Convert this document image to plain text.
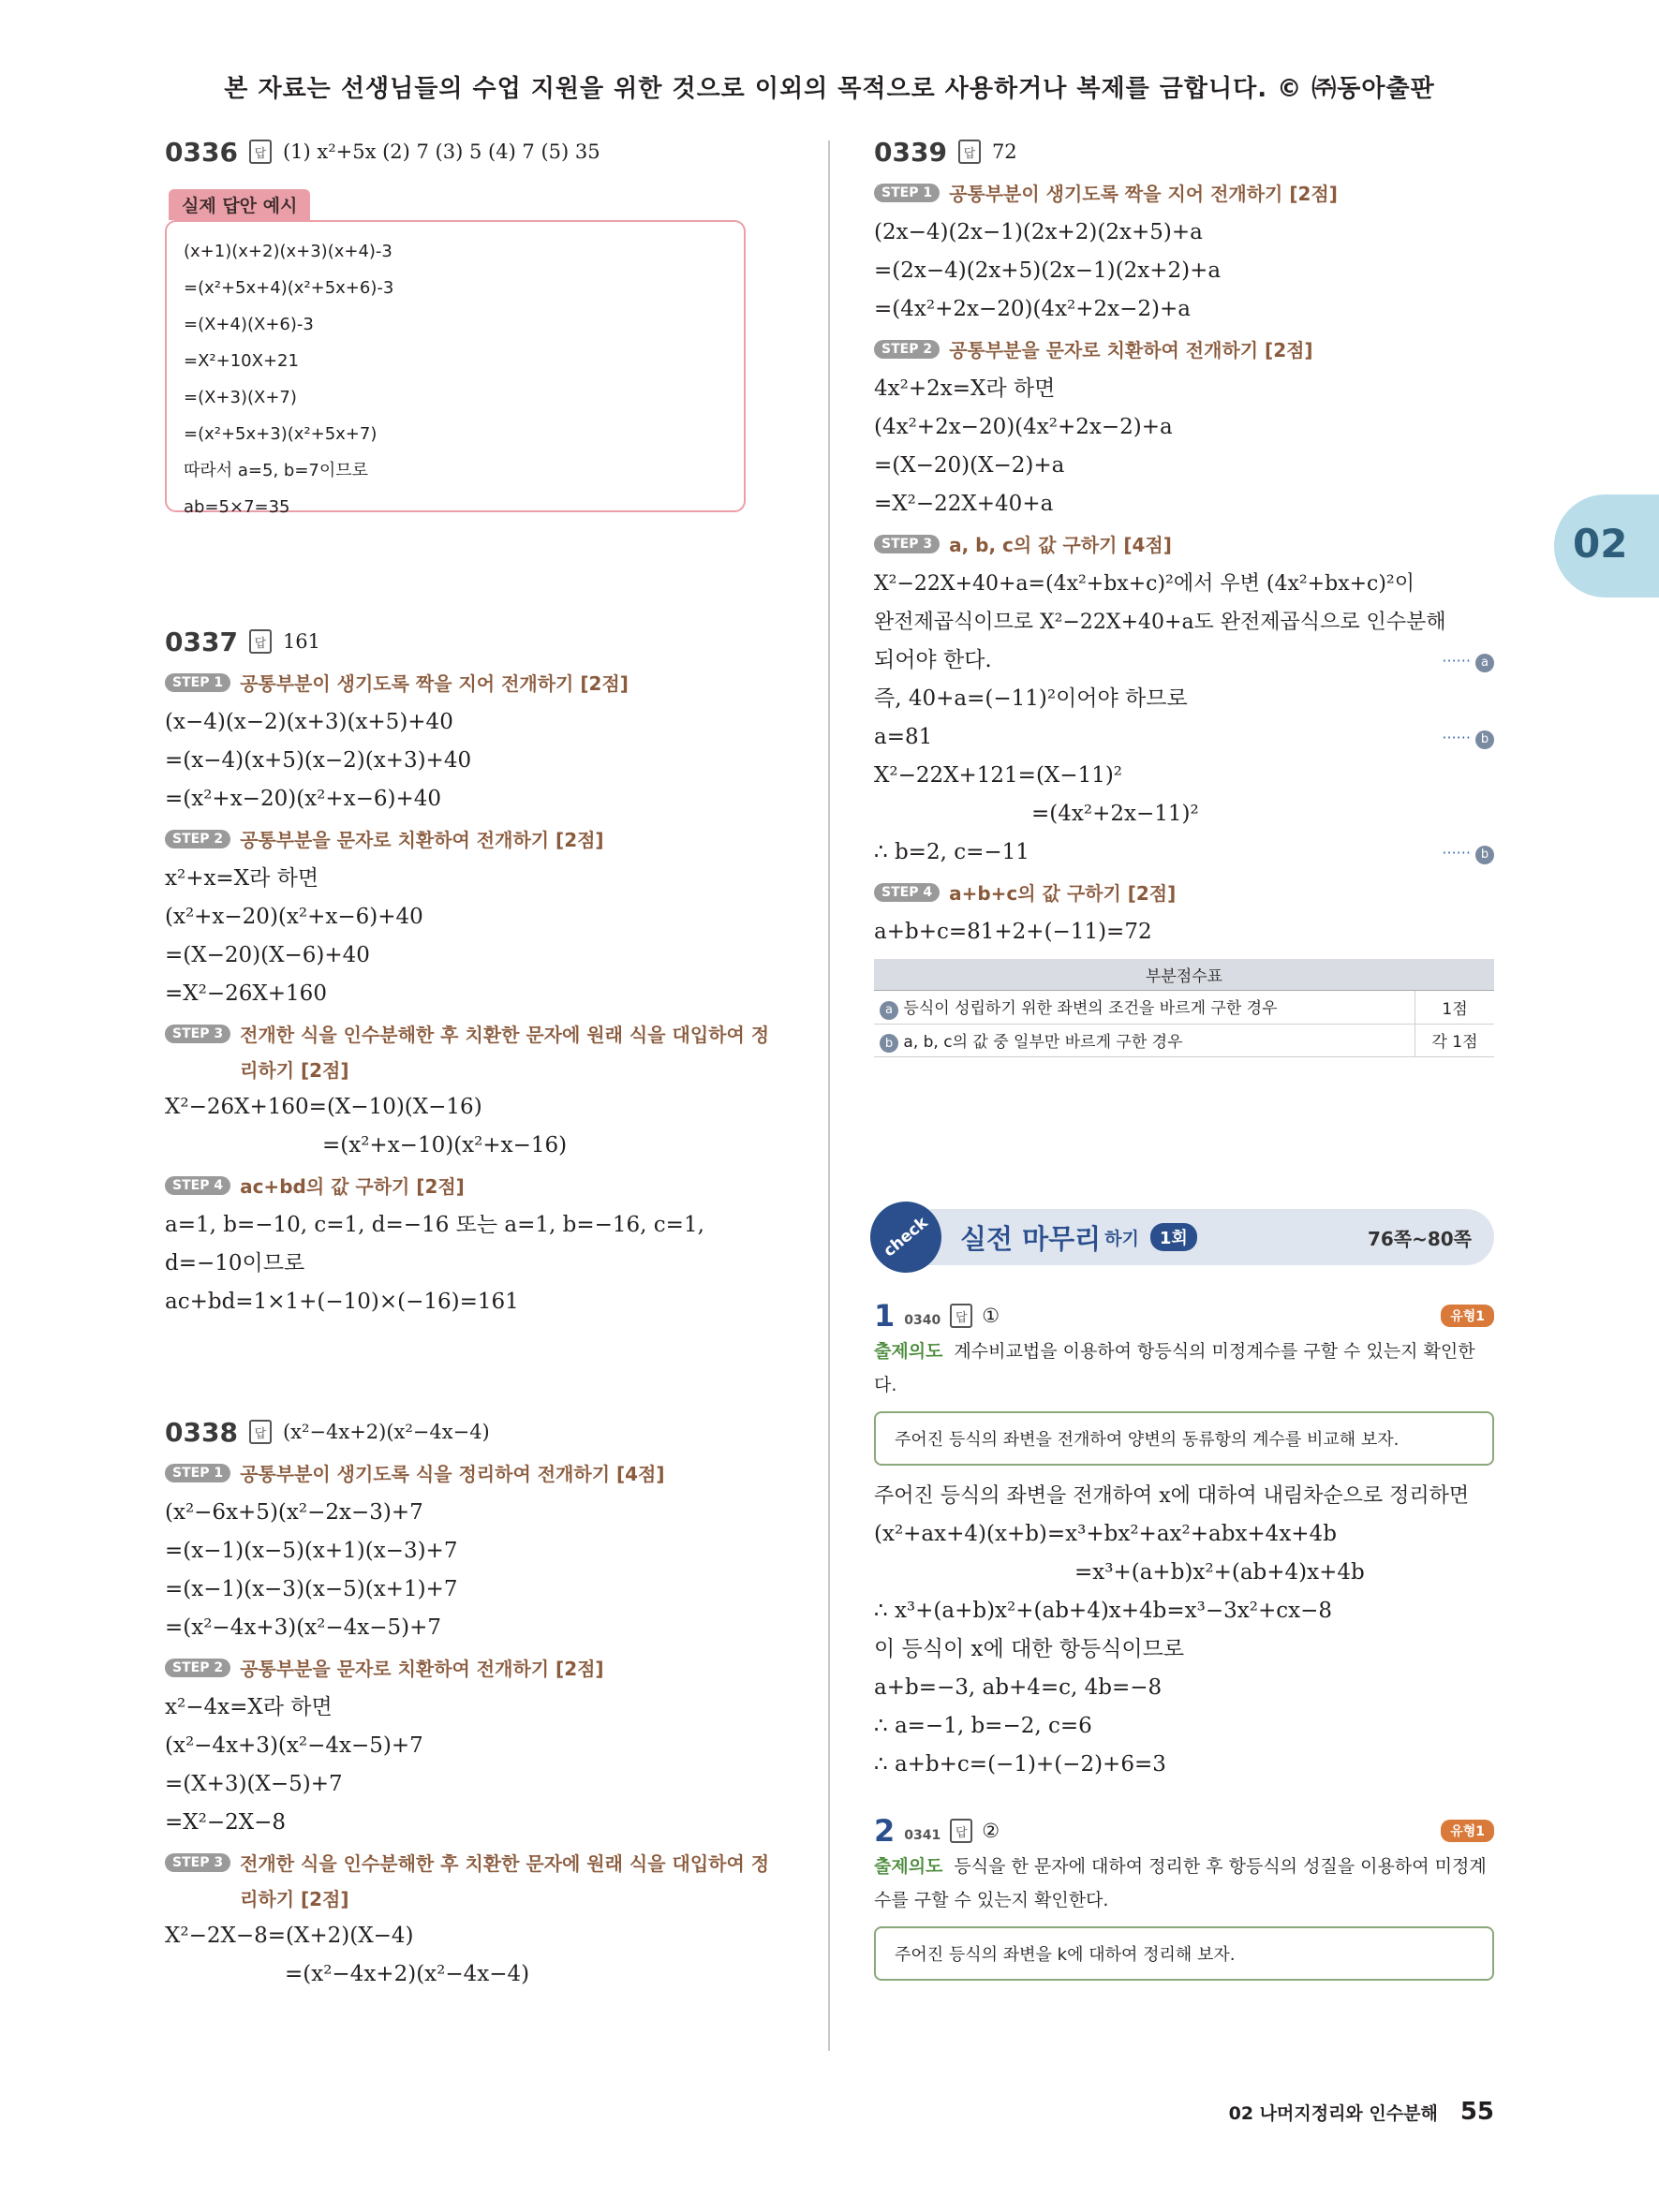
본 자료는 선생님들의 수업 지원을 위한 것으로 이외의 목적으로 사용하거나 복제를 금합니다. © ㈜동아출판
02
0336	답 (1) x²+5x (2) 7 (3) 5 (4) 7 (5) 35
실제 답안 예시
(x+1)(x+2)(x+3)(x+4)-3
=(x²+5x+4)(x²+5x+6)-3
=(X+4)(X+6)-3
=X²+10X+21
=(X+3)(X+7)
=(x²+5x+3)(x²+5x+7)
따라서 a=5, b=7이므로
ab=5×7=35
0337	답 161
STEP 1 공통부분이 생기도록 짝을 지어 전개하기 [2점]
(x−4)(x−2)(x+3)(x+5)+40
=(x−4)(x+5)(x−2)(x+3)+40
=(x²+x−20)(x²+x−6)+40
STEP 2 공통부분을 문자로 치환하여 전개하기 [2점]
x²+x=X라 하면
(x²+x−20)(x²+x−6)+40
=(X−20)(X−6)+40
=X²−26X+160
STEP 3 전개한 식을 인수분해한 후 치환한 문자에 원래 식을 대입하여 정리하기 [2점]
X²−26X+160=(X−10)(X−16)
=(x²+x−10)(x²+x−16)
STEP 4 ac+bd의 값 구하기 [2점]
a=1, b=−10, c=1, d=−16 또는 a=1, b=−16, c=1,
d=−10이므로
ac+bd=1×1+(−10)×(−16)=161
0338	답 (x²−4x+2)(x²−4x−4)
STEP 1 공통부분이 생기도록 식을 정리하여 전개하기 [4점]
(x²−6x+5)(x²−2x−3)+7
=(x−1)(x−5)(x+1)(x−3)+7
=(x−1)(x−3)(x−5)(x+1)+7
=(x²−4x+3)(x²−4x−5)+7
STEP 2 공통부분을 문자로 치환하여 전개하기 [2점]
x²−4x=X라 하면
(x²−4x+3)(x²−4x−5)+7
=(X+3)(X−5)+7
=X²−2X−8
STEP 3 전개한 식을 인수분해한 후 치환한 문자에 원래 식을 대입하여 정리하기 [2점]
X²−2X−8=(X+2)(X−4)
=(x²−4x+2)(x²−4x−4)
0339	답 72
STEP 1 공통부분이 생기도록 짝을 지어 전개하기 [2점]
(2x−4)(2x−1)(2x+2)(2x+5)+a
=(2x−4)(2x+5)(2x−1)(2x+2)+a
=(4x²+2x−20)(4x²+2x−2)+a
STEP 2 공통부분을 문자로 치환하여 전개하기 [2점]
4x²+2x=X라 하면
(4x²+2x−20)(4x²+2x−2)+a
=(X−20)(X−2)+a
=X²−22X+40+a
STEP 3 a, b, c의 값 구하기 [4점]
X²−22X+40+a=(4x²+bx+c)²에서 우변 (4x²+bx+c)²이
완전제곱식이므로 X²−22X+40+a도 완전제곱식으로 인수분해
되어야 한다.	······ a
즉, 40+a=(−11)²이어야 하므로
a=81	······ b
X²−22X+121=(X−11)²
=(4x²+2x−11)²
∴ b=2, c=−11	······ b
STEP 4 a+b+c의 값 구하기 [2점]
a+b+c=81+2+(−11)=72
부분점수표	
a 등식이 성립하기 위한 좌변의 조건을 바르게 구한 경우	1점
b a, b, c의 값 중 일부만 바르게 구한 경우	각 1점
check	실전 마무리 하기	1회	76쪽~80쪽
1 0340	답 ①	유형1
출제의도 계수비교법을 이용하여 항등식의 미정계수를 구할 수 있는지 확인한다.
주어진 등식의 좌변을 전개하여 양변의 동류항의 계수를 비교해 보자.
주어진 등식의 좌변을 전개하여 x에 대하여 내림차순으로 정리하면
(x²+ax+4)(x+b)=x³+bx²+ax²+abx+4x+4b
=x³+(a+b)x²+(ab+4)x+4b
∴ x³+(a+b)x²+(ab+4)x+4b=x³−3x²+cx−8
이 등식이 x에 대한 항등식이므로
a+b=−3, ab+4=c, 4b=−8
∴ a=−1, b=−2, c=6
∴ a+b+c=(−1)+(−2)+6=3
2 0341	답 ②	유형1
출제의도 등식을 한 문자에 대하여 정리한 후 항등식의 성질을 이용하여 미정계수를 구할 수 있는지 확인한다.
주어진 등식의 좌변을 k에 대하여 정리해 보자.
02 나머지정리와 인수분해 55
